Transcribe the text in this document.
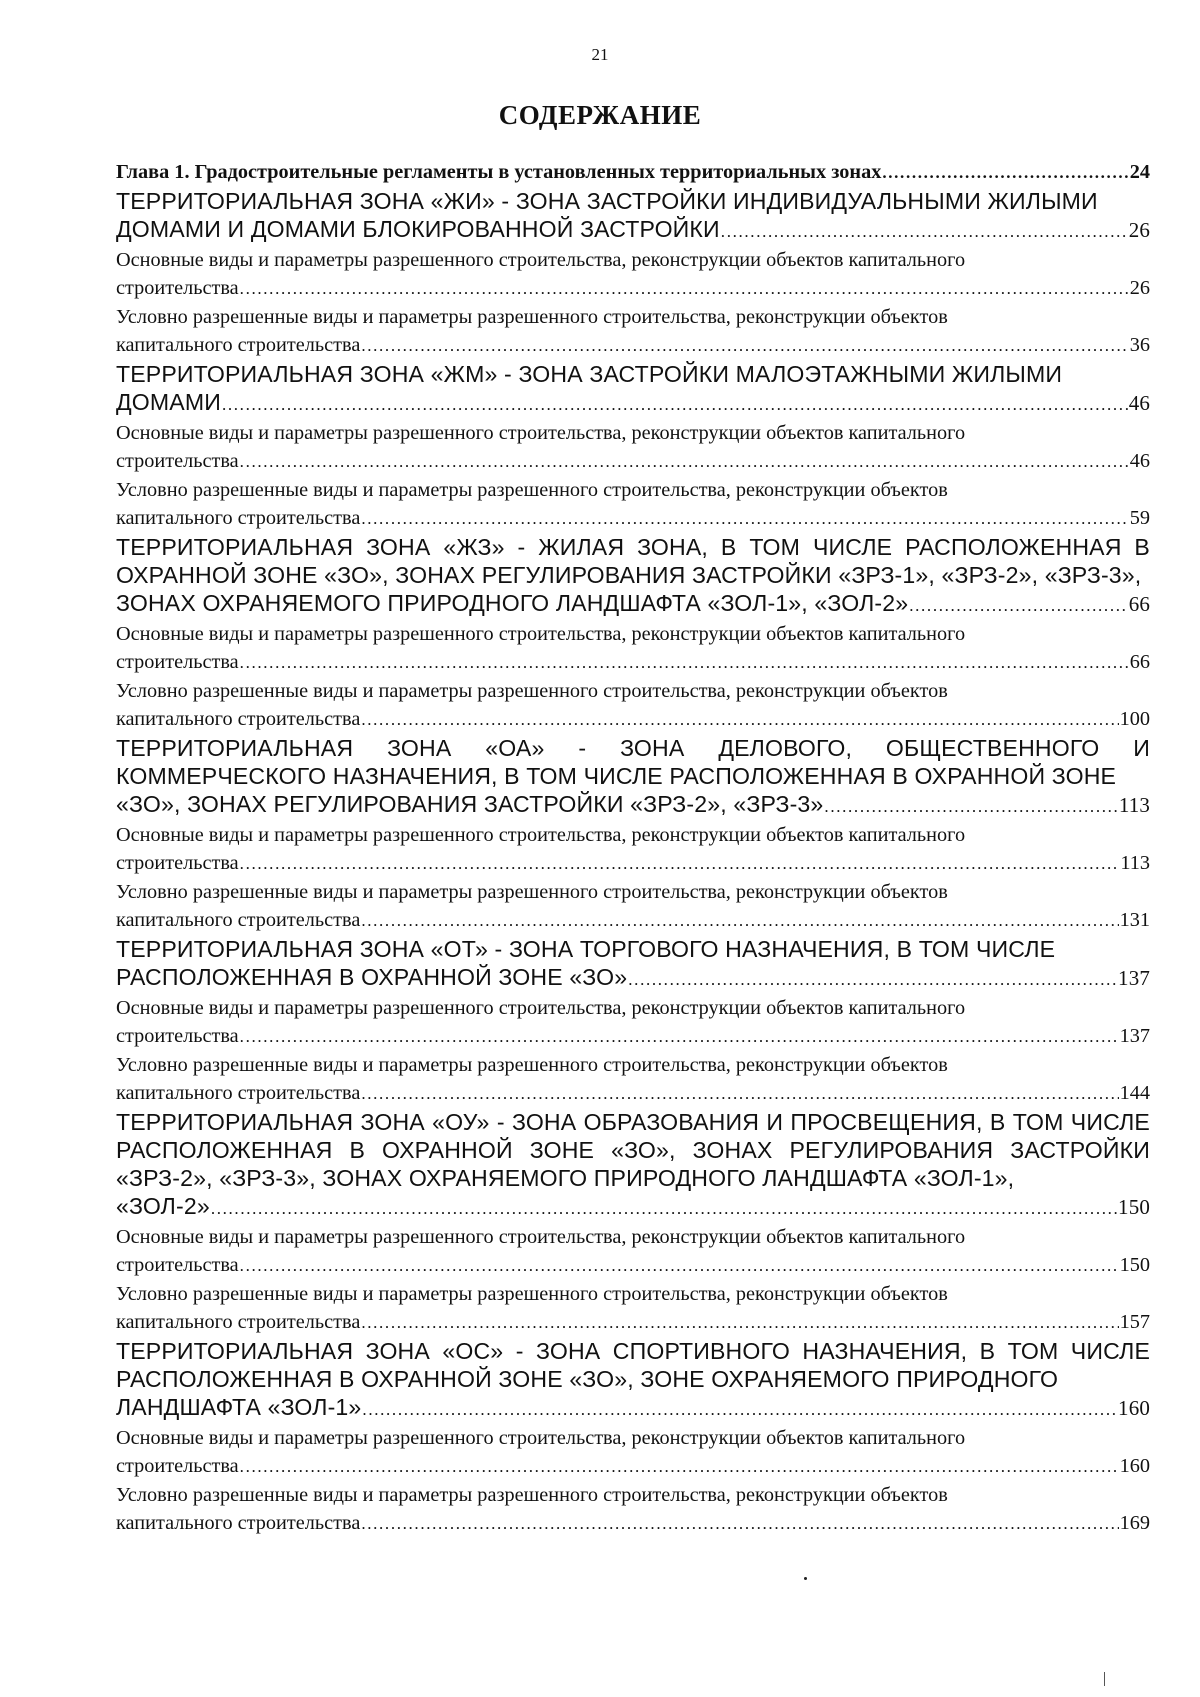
21
СОДЕРЖАНИЕ
Глава 1. Градостроительные регламенты в установленных территориальных зонах . . .	24
ТЕРРИТОРИАЛЬНАЯ ЗОНА «ЖИ» - ЗОНА ЗАСТРОЙКИ ИНДИВИДУАЛЬНЫМИ ЖИЛЫМИ
ДОМАМИ И ДОМАМИ БЛОКИРОВАННОЙ ЗАСТРОЙКИ . . .	26
Основные виды и параметры разрешенного строительства, реконструкции объектов капитального
строительства . . .	26
Условно разрешенные виды и параметры разрешенного строительства, реконструкции объектов
капитального строительства . . .	36
ТЕРРИТОРИАЛЬНАЯ ЗОНА «ЖМ» - ЗОНА ЗАСТРОЙКИ МАЛОЭТАЖНЫМИ ЖИЛЫМИ
ДОМАМИ . . .	46
Основные виды и параметры разрешенного строительства, реконструкции объектов капитального
строительства . . .	46
Условно разрешенные виды и параметры разрешенного строительства, реконструкции объектов
капитального строительства . . .	59
ТЕРРИТОРИАЛЬНАЯ ЗОНА «ЖЗ» - ЖИЛАЯ ЗОНА, В ТОМ ЧИСЛЕ РАСПОЛОЖЕННАЯ В ОХРАННОЙ ЗОНЕ «ЗО», ЗОНАХ РЕГУЛИРОВАНИЯ ЗАСТРОЙКИ «ЗРЗ-1», «ЗРЗ-2», «ЗРЗ-3»,
ЗОНАХ ОХРАНЯЕМОГО ПРИРОДНОГО ЛАНДШАФТА «ЗОЛ-1», «ЗОЛ-2» . . .	66
Основные виды и параметры разрешенного строительства, реконструкции объектов капитального
строительства . . .	66
Условно разрешенные виды и параметры разрешенного строительства, реконструкции объектов
капитального строительства . . .	100
ТЕРРИТОРИАЛЬНАЯ ЗОНА «ОА» - ЗОНА ДЕЛОВОГО, ОБЩЕСТВЕННОГО И КОММЕРЧЕСКОГО НАЗНАЧЕНИЯ, В ТОМ ЧИСЛЕ РАСПОЛОЖЕННАЯ В ОХРАННОЙ ЗОНЕ
«ЗО», ЗОНАХ РЕГУЛИРОВАНИЯ ЗАСТРОЙКИ «ЗРЗ-2», «ЗРЗ-3» . . .	113
Основные виды и параметры разрешенного строительства, реконструкции объектов капитального
строительства . . .	113
Условно разрешенные виды и параметры разрешенного строительства, реконструкции объектов
капитального строительства . . .	131
ТЕРРИТОРИАЛЬНАЯ ЗОНА «ОТ» - ЗОНА ТОРГОВОГО НАЗНАЧЕНИЯ, В ТОМ ЧИСЛЕ
РАСПОЛОЖЕННАЯ В ОХРАННОЙ ЗОНЕ «ЗО» . . .	137
Основные виды и параметры разрешенного строительства, реконструкции объектов капитального
строительства . . .	137
Условно разрешенные виды и параметры разрешенного строительства, реконструкции объектов
капитального строительства . . .	144
ТЕРРИТОРИАЛЬНАЯ ЗОНА «ОУ» - ЗОНА ОБРАЗОВАНИЯ И ПРОСВЕЩЕНИЯ, В ТОМ ЧИСЛЕ РАСПОЛОЖЕННАЯ В ОХРАННОЙ ЗОНЕ «ЗО», ЗОНАХ РЕГУЛИРОВАНИЯ ЗАСТРОЙКИ «ЗРЗ-2», «ЗРЗ-3», ЗОНАХ ОХРАНЯЕМОГО ПРИРОДНОГО ЛАНДШАФТА «ЗОЛ-1»,
«ЗОЛ-2» . . .	150
Основные виды и параметры разрешенного строительства, реконструкции объектов капитального
строительства . . .	150
Условно разрешенные виды и параметры разрешенного строительства, реконструкции объектов
капитального строительства . . .	157
ТЕРРИТОРИАЛЬНАЯ ЗОНА «ОС» - ЗОНА СПОРТИВНОГО НАЗНАЧЕНИЯ, В ТОМ ЧИСЛЕ РАСПОЛОЖЕННАЯ В ОХРАННОЙ ЗОНЕ «ЗО», ЗОНЕ ОХРАНЯЕМОГО ПРИРОДНОГО
ЛАНДШАФТА «ЗОЛ-1» . . .	160
Основные виды и параметры разрешенного строительства, реконструкции объектов капитального
строительства . . .	160
Условно разрешенные виды и параметры разрешенного строительства, реконструкции объектов
капитального строительства . . .	169
